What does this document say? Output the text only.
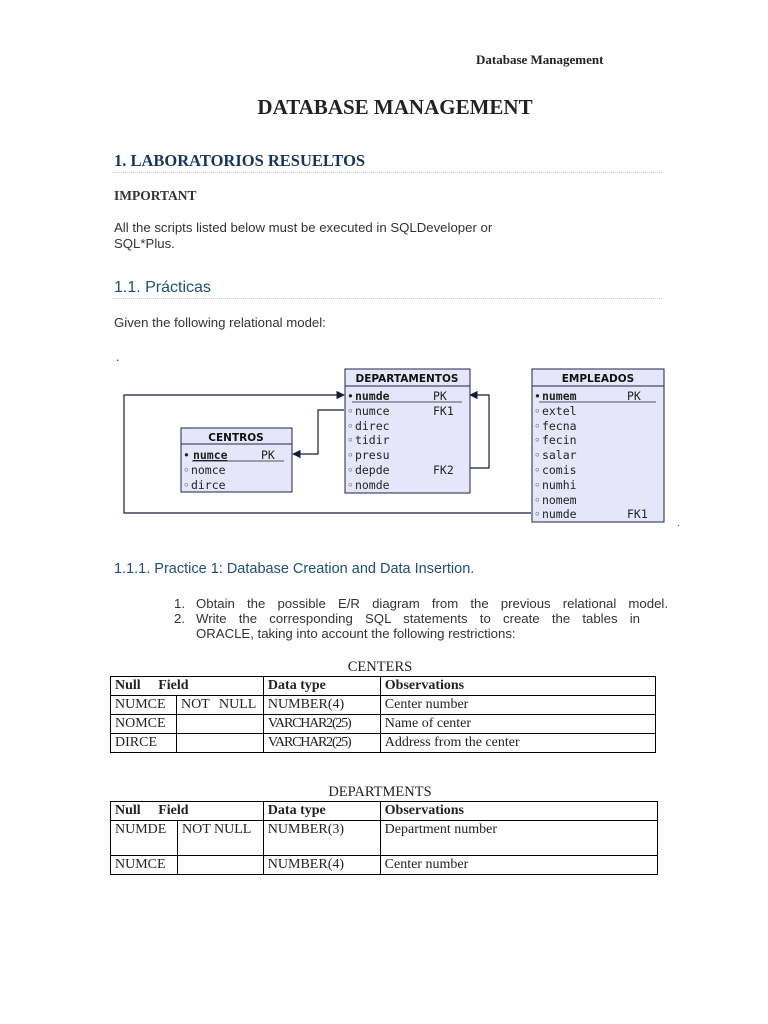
Database Management
DATABASE MANAGEMENT
1. LABORATORIOS RESUELTOS
IMPORTANT
All the scripts listed below must be executed in SQLDeveloper or
SQL*Plus.
1.1. Prácticas
Given the following relational model:
.
.
CENTROS
• numce	PK
◦nomce
◦dirce
DEPARTAMENTOS
•numde	PK
◦numce	FK1
◦direc
◦tidir
◦presu
◦depde	FK2
◦nomde
EMPLEADOS
•numem	PK
◦extel
◦fecna
◦fecin
◦salar
◦comis
◦numhi
◦nomem
◦numde	FK1
1.1.1. Practice 1: Database Creation and Data Insertion.
1. Obtain the possible E/R diagram from the previous relational model.
2. Write the corresponding SQL statements to create the tables in
ORACLE, taking into account the following restrictions:
CENTERS
Null Field		Data type	Observations
NUMCE	NOT NULL	NUMBER(4)	Center number
NOMCE		VARCHAR2(25)	Name of center
DIRCE		VARCHAR2(25)	Address from the center
DEPARTMENTS
Null Field		Data type	Observations
NUMDE	NOT NULL	NUMBER(3)	Department number
NUMCE		NUMBER(4)	Center number
